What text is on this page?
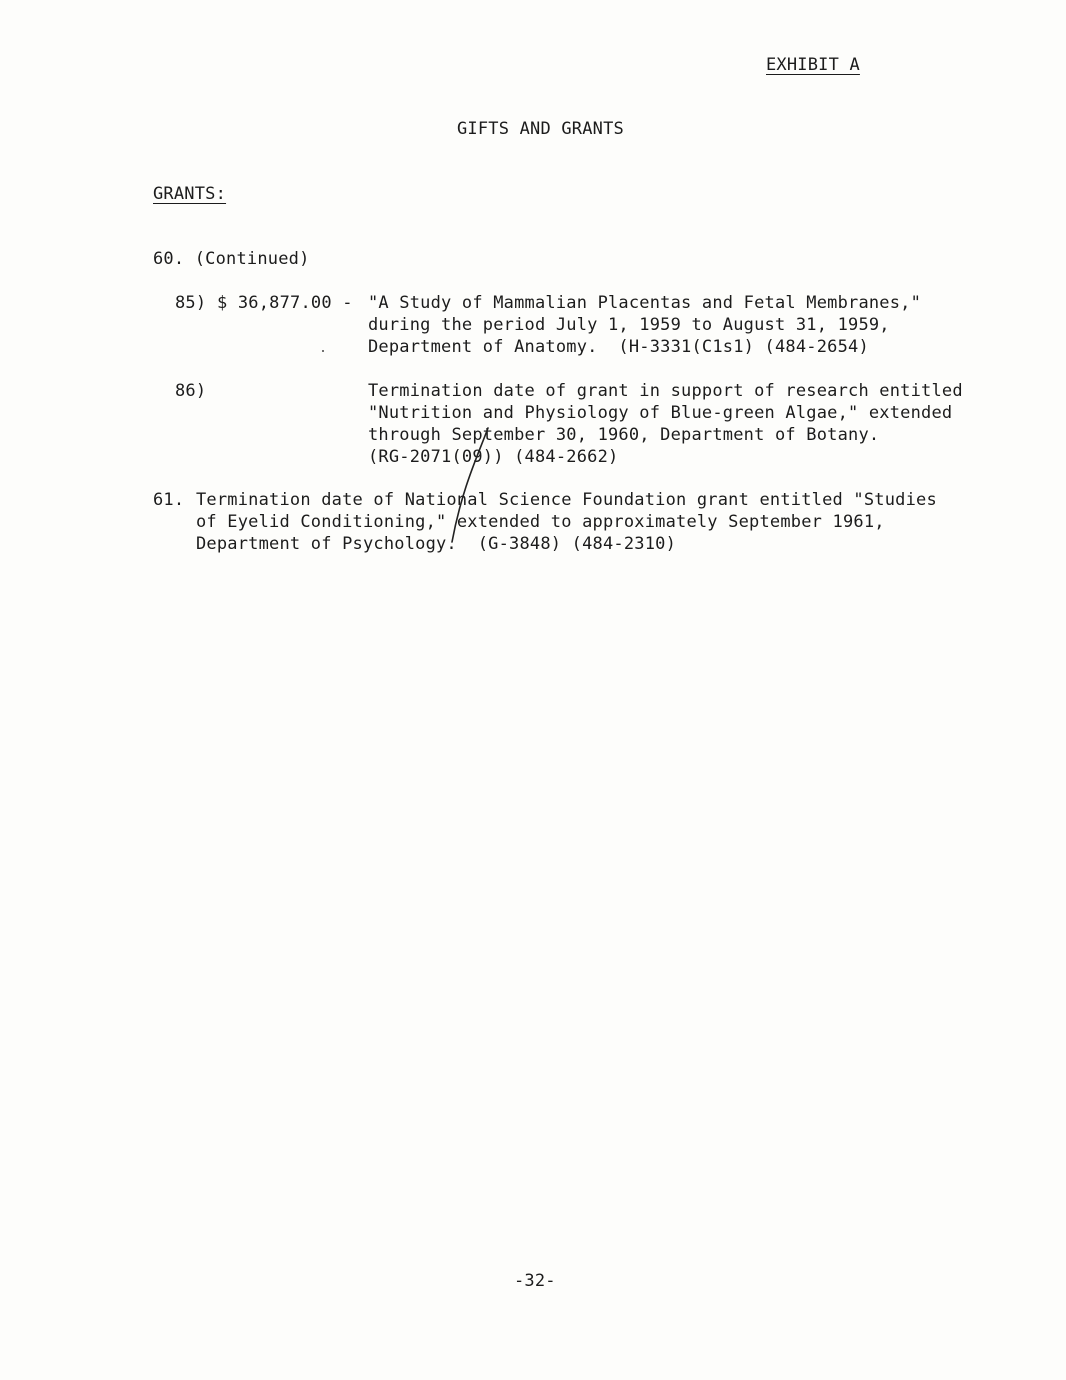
EXHIBIT A
GIFTS AND GRANTS
GRANTS:
60. (Continued)
85) $ 36,877.00 - "A Study of Mammalian Placentas and Fetal Membranes,"
during the period July 1, 1959 to August 31, 1959,
Department of Anatomy.  (H-3331(C1s1) (484-2654)
86)	Termination date of grant in support of research entitled
"Nutrition and Physiology of Blue-green Algae," extended
through September 30, 1960, Department of Botany.
(RG-2071(09)) (484-2662)
61. Termination date of National Science Foundation grant entitled "Studies
of Eyelid Conditioning," extended to approximately September 1961,
Department of Psychology.  (G-3848) (484-2310)
-32-
